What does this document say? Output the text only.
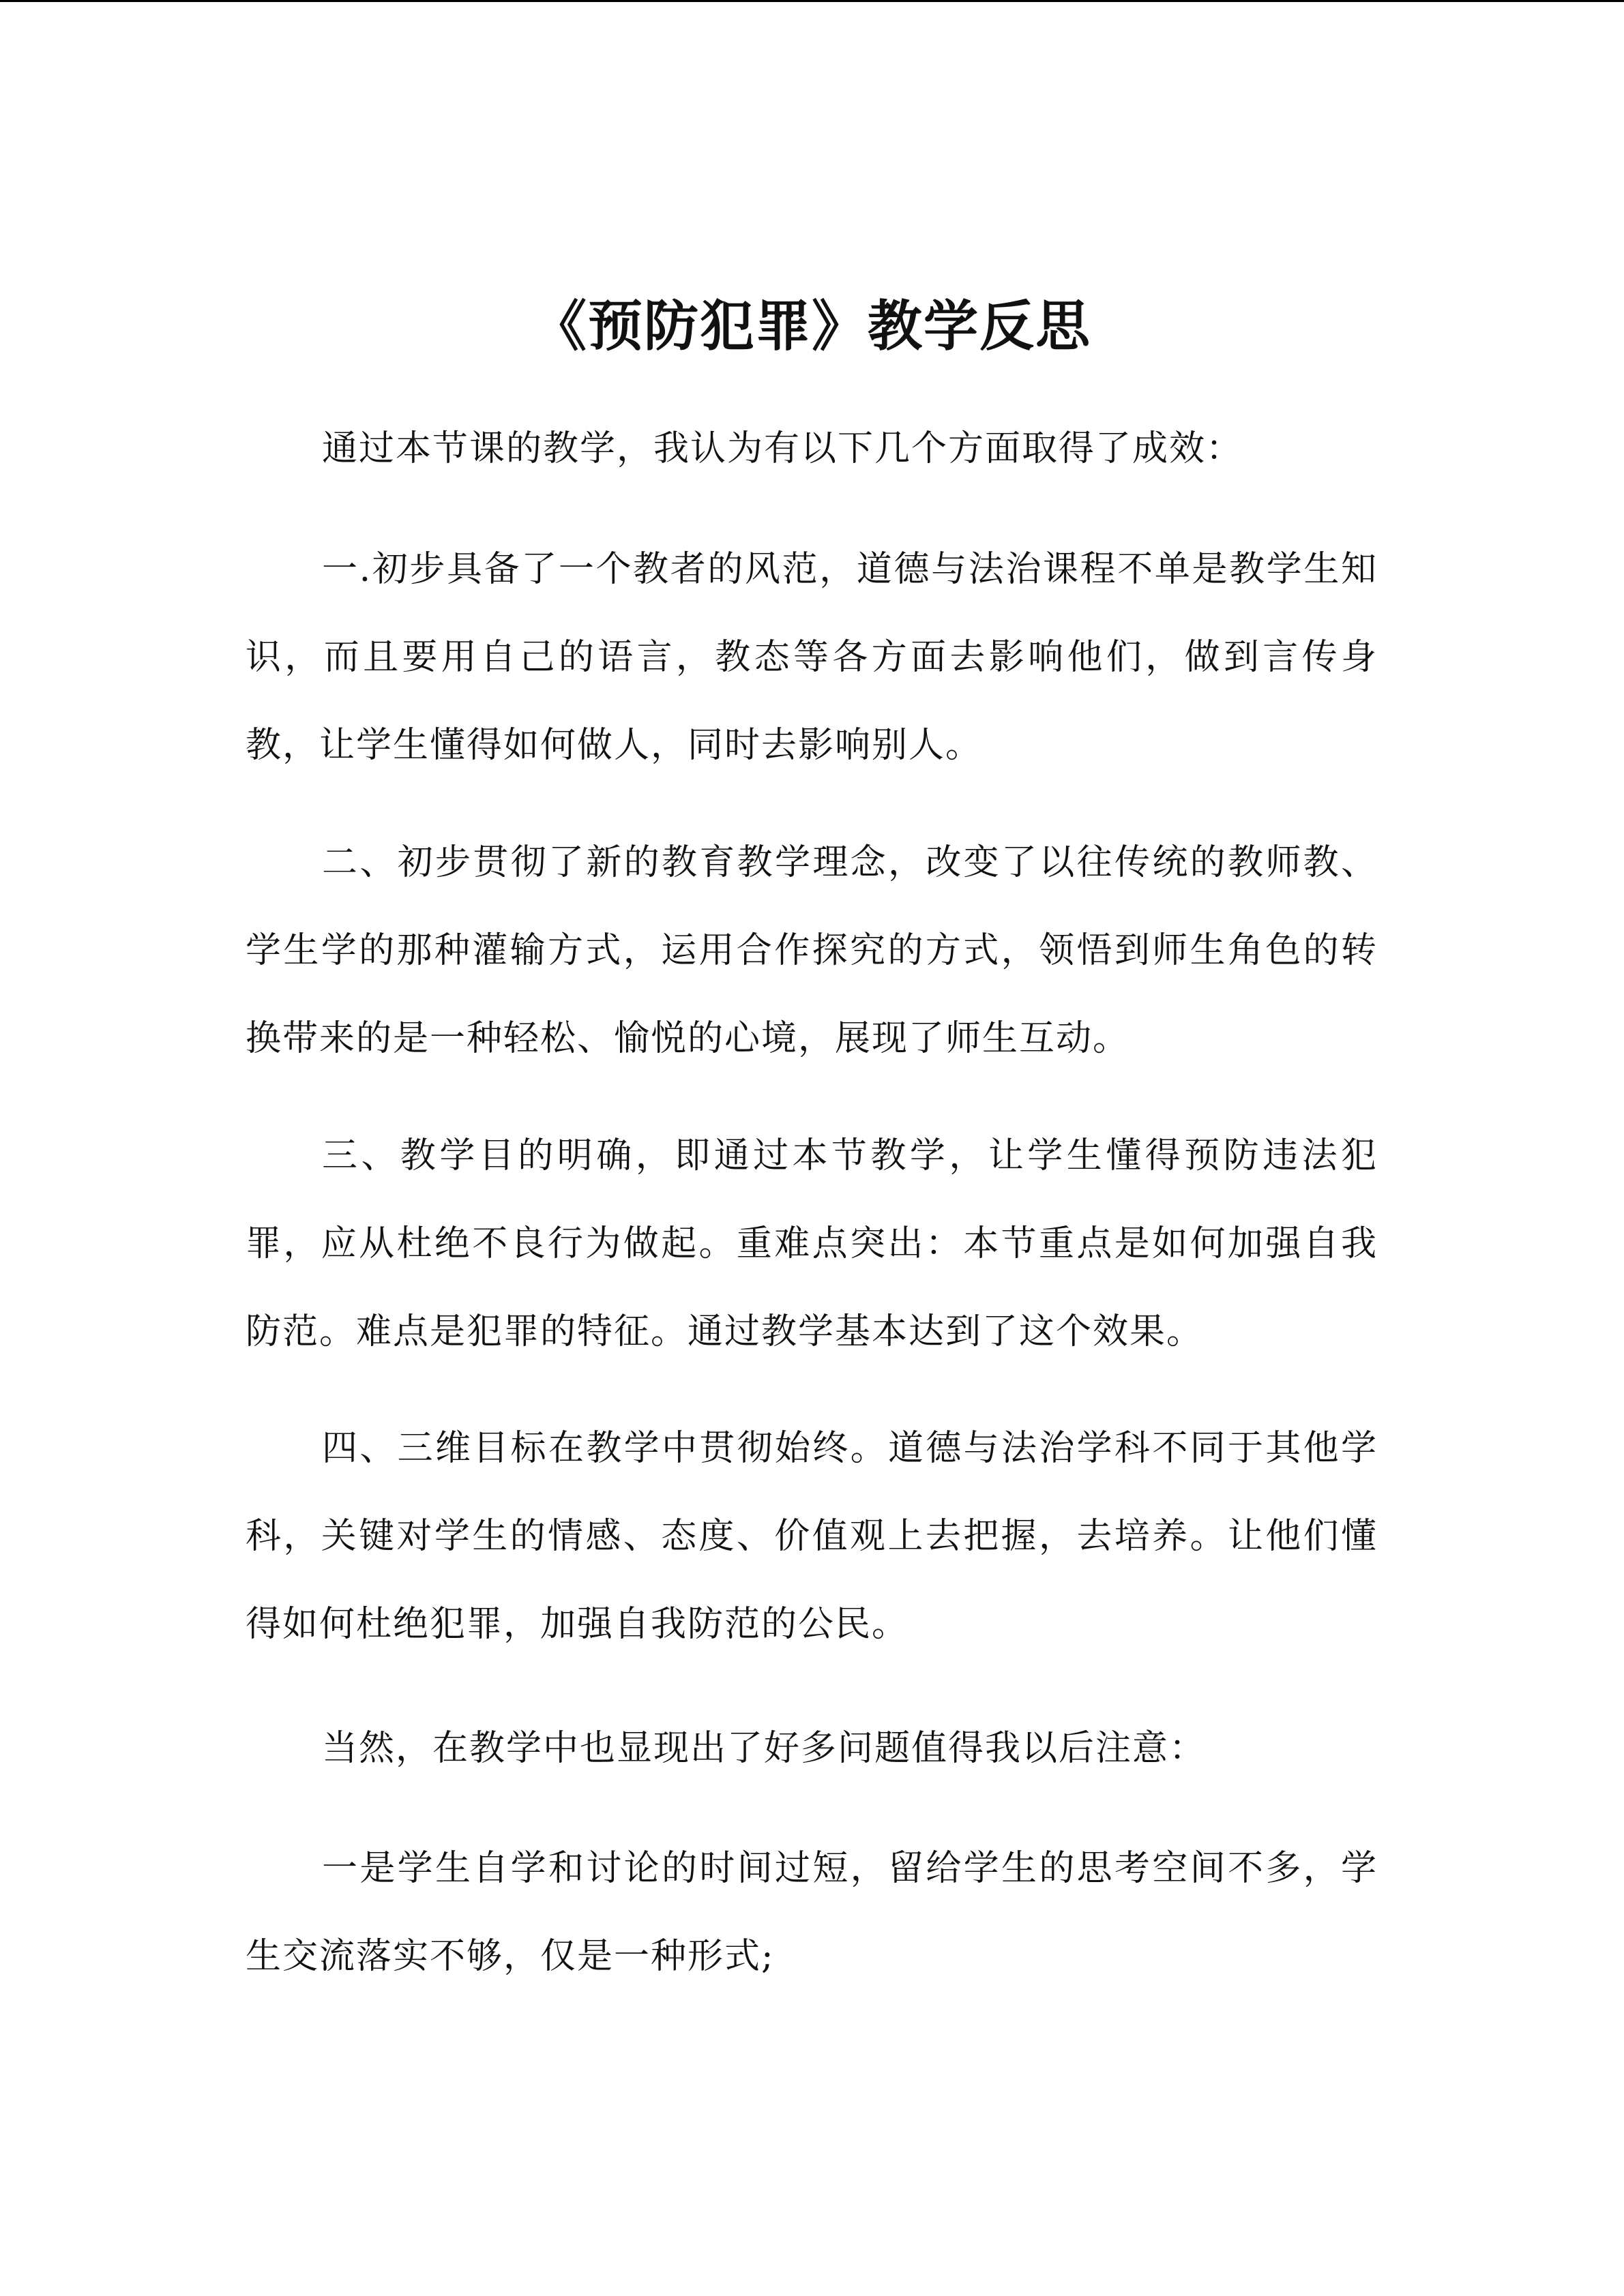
《预防犯罪》教学反思

通过本节课的教学，我认为有以下几个方面取得了成效：

一.初步具备了一个教者的风范，道德与法治课程不单是教学生知识，而且要用自己的语言，教态等各方面去影响他们，做到言传身教，让学生懂得如何做人，同时去影响别人。

二、初步贯彻了新的教育教学理念，改变了以往传统的教师教、学生学的那种灌输方式，运用合作探究的方式，领悟到师生角色的转换带来的是一种轻松、愉悦的心境，展现了师生互动。

三、教学目的明确，即通过本节教学，让学生懂得预防违法犯罪，应从杜绝不良行为做起。重难点突出：本节重点是如何加强自我防范。难点是犯罪的特征。通过教学基本达到了这个效果。

四、三维目标在教学中贯彻始终。道德与法治学科不同于其他学科，关键对学生的情感、态度、价值观上去把握，去培养。让他们懂得如何杜绝犯罪，加强自我防范的公民。

当然，在教学中也显现出了好多问题值得我以后注意：

一是学生自学和讨论的时间过短，留给学生的思考空间不多，学生交流落实不够，仅是一种形式;
